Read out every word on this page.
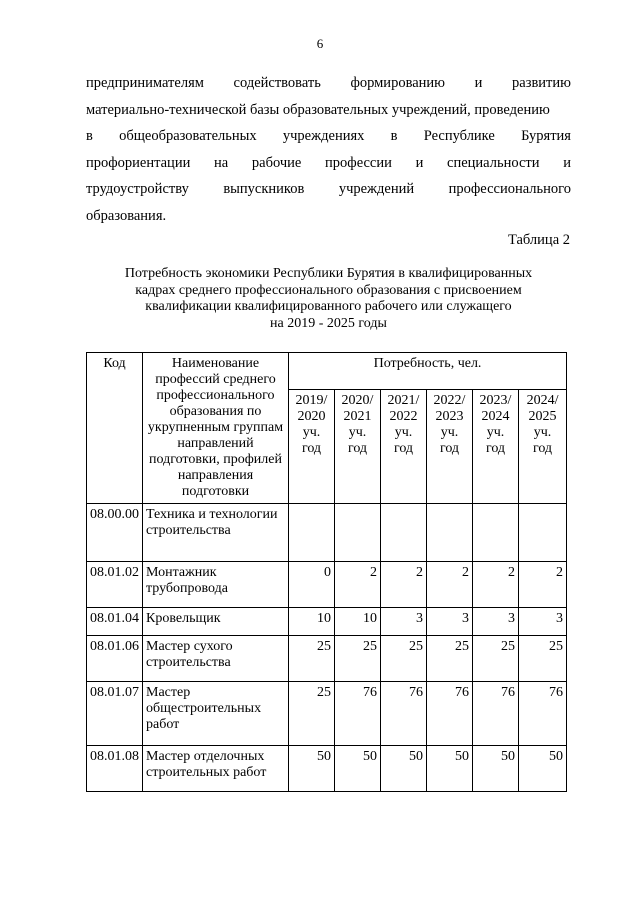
6
предпринимателям содействовать формированию и развитию
материально-технической базы образовательных учреждений, проведению
в общеобразовательных учреждениях в Республике Бурятия
профориентации на рабочие профессии и специальности и
трудоустройству выпускников учреждений профессионального
образования.
Таблица 2
Потребность экономики Республики Бурятия в квалифицированных
кадрах среднего профессионального образования с присвоением
квалификации квалифицированного рабочего или служащего
на 2019 - 2025 годы
Код	Наименование профессий среднего профессионального образования по укрупненным группам направлений подготовки, профилей направления подготовки	Потребность, чел.					
		2019/
2020
уч.
год	2020/
2021
уч.
год	2021/
2022
уч.
год	2022/
2023
уч.
год	2023/
2024
уч.
год	2024/
2025
уч.
год
08.00.00	Техника и технологии строительства						
08.01.02	Монтажник трубопровода	0	2	2	2	2	2
08.01.04	Кровельщик	10	10	3	3	3	3
08.01.06	Мастер сухого строительства	25	25	25	25	25	25
08.01.07	Мастер общестроительных работ	25	76	76	76	76	76
08.01.08	Мастер отделочных строительных работ	50	50	50	50	50	50
